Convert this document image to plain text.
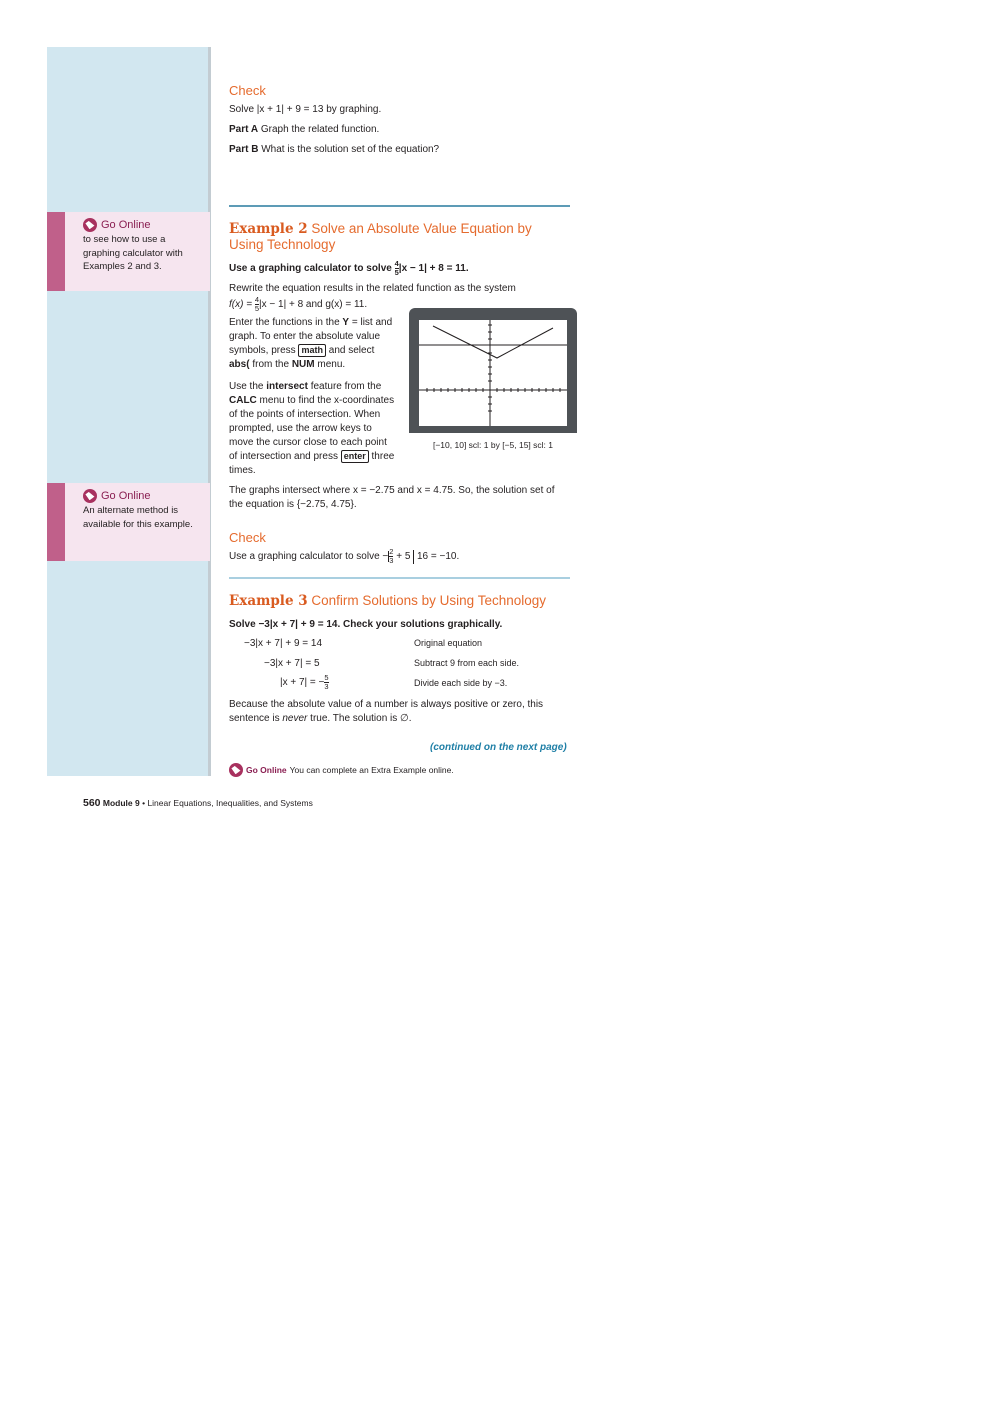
Go Online
to see how to use a graphing calculator with Examples 2 and 3.
Go Online
An alternate method is available for this example.
Check
Solve |x + 1| + 9 = 13 by graphing.
Part A Graph the related function.
Part B What is the solution set of the equation?
Example 2 Solve an Absolute Value Equation by Using Technology
Use a graphing calculator to solve $\frac{4}{5} |x - 1| + 8 = 11$.
Rewrite the equation results in the related function as the system
$f(x) = \frac{4}{5} |x - 1| + 8$ and g(x) = 11.
Enter the functions in the Y = list and graph. To enter the absolute value symbols, press math and select abs( from the NUM menu.
Use the intersect feature from the CALC menu to find the x-coordinates of the points of intersection. When prompted, use the arrow keys to move the cursor close to each point of intersection and press enter three times.
[−10, 10] scl: 1 by [−5, 15] scl: 1
The graphs intersect where x = −2.75 and x = 4.75. So, the solution set of the equation is {−2.75, 4.75}.
Check
Use a graphing calculator to solve − $\frac{2}{3} + 5$  16 = −10.
Example 3 Confirm Solutions by Using Technology
Solve −3|x + 7| + 9 = 14. Check your solutions graphically.
−3|x + 7| + 9 = 14	Original equation
−3|x + 7| = 5	Subtract 9 from each side.
|x + 7| = − $\frac{5}{3}$	Divide each side by −3.
Because the absolute value of a number is always positive or zero, this sentence is never true. The solution is ∅.
(continued on the next page)
Go Online You can complete an Extra Example online.
560 Module 9 • Linear Equations, Inequalities, and Systems
